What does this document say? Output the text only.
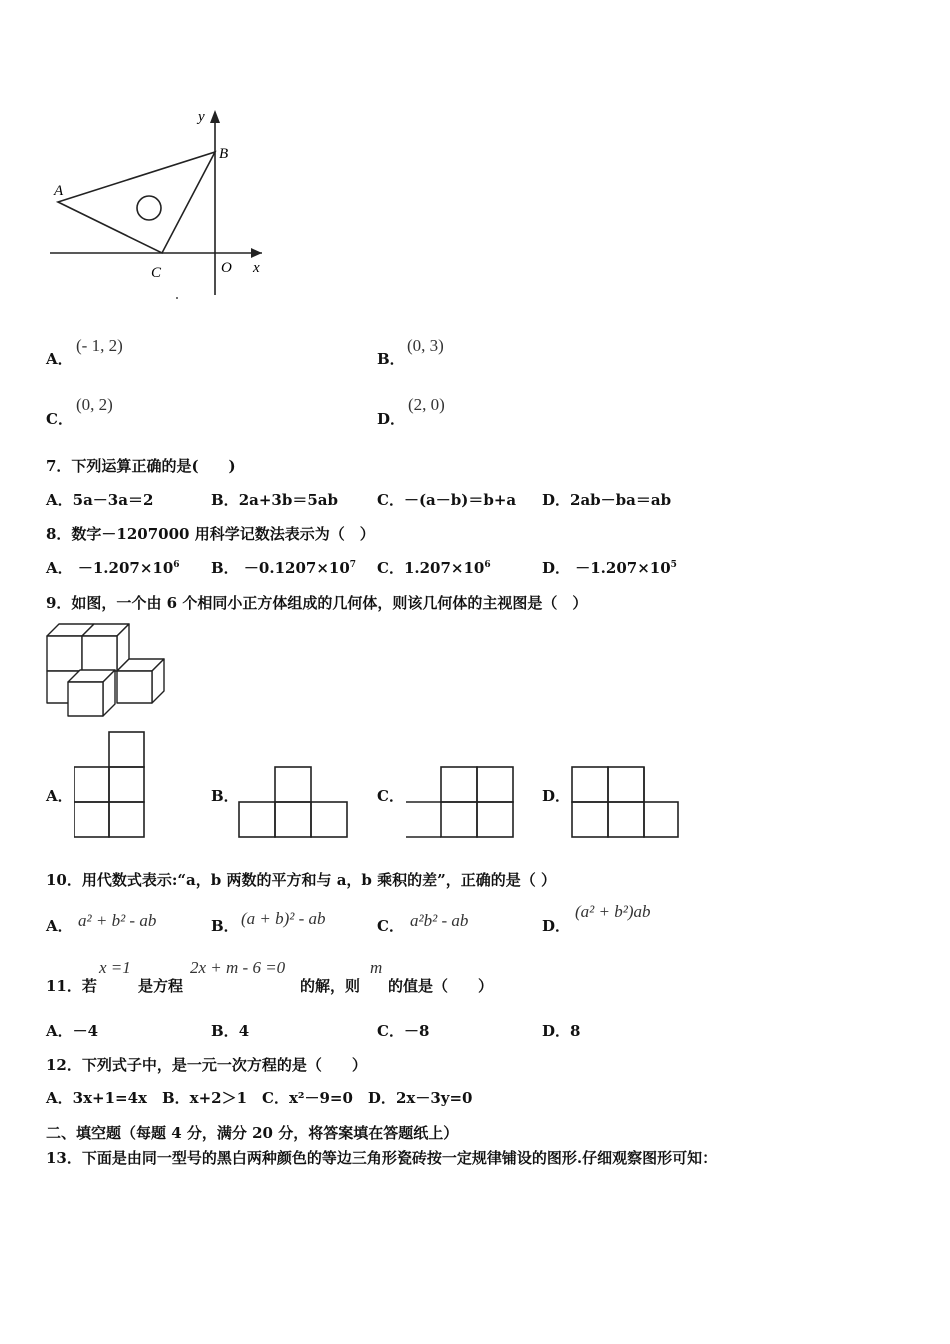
y
B
A
C	O x
A．
(- 1, 2)
B．
(0, 3)
C．
(0, 2)
D．
(2, 0)
7．下列运算正确的是(　　)
A．5a－3a＝2	B．2a+3b＝5ab	C．－(a－b)＝b+a D．2ab－ba＝ab
8．数字－1207000 用科学记数法表示为（　）
A． $-1.207\times 10^6$ B． $-0.1207\times 10^7$ C．$1.207\times 10^6$	D． $-1.207\times 10^5$
9．如图，一个由 6 个相同小正方体组成的几何体，则该几何体的主视图是（　）
A．	B．	C．	D．
10．用代数式表示:“a，b 两数的平方和与 a，b 乘积的差”，正确的是（ ）
A． a² + b² - ab	B． (a + b)² - ab	C． a²b² - ab	D．
(a² + b²)ab
11．若
x =1
是方程
2x + m - 6 =0
的解，则
m
的值是（　　）
A．－4	B．4	C．－8	D．8
12．下列式子中，是一元一次方程的是（　　）
A．3x+1=4x　B．x+2＞1　C．x²－9=0　D．2x－3y=0
二、填空题（每题 4 分，满分 20 分，将答案填在答题纸上）
13．下面是由同一型号的黑白两种颜色的等边三角形瓷砖按一定规律铺设的图形.仔细观察图形可知：
